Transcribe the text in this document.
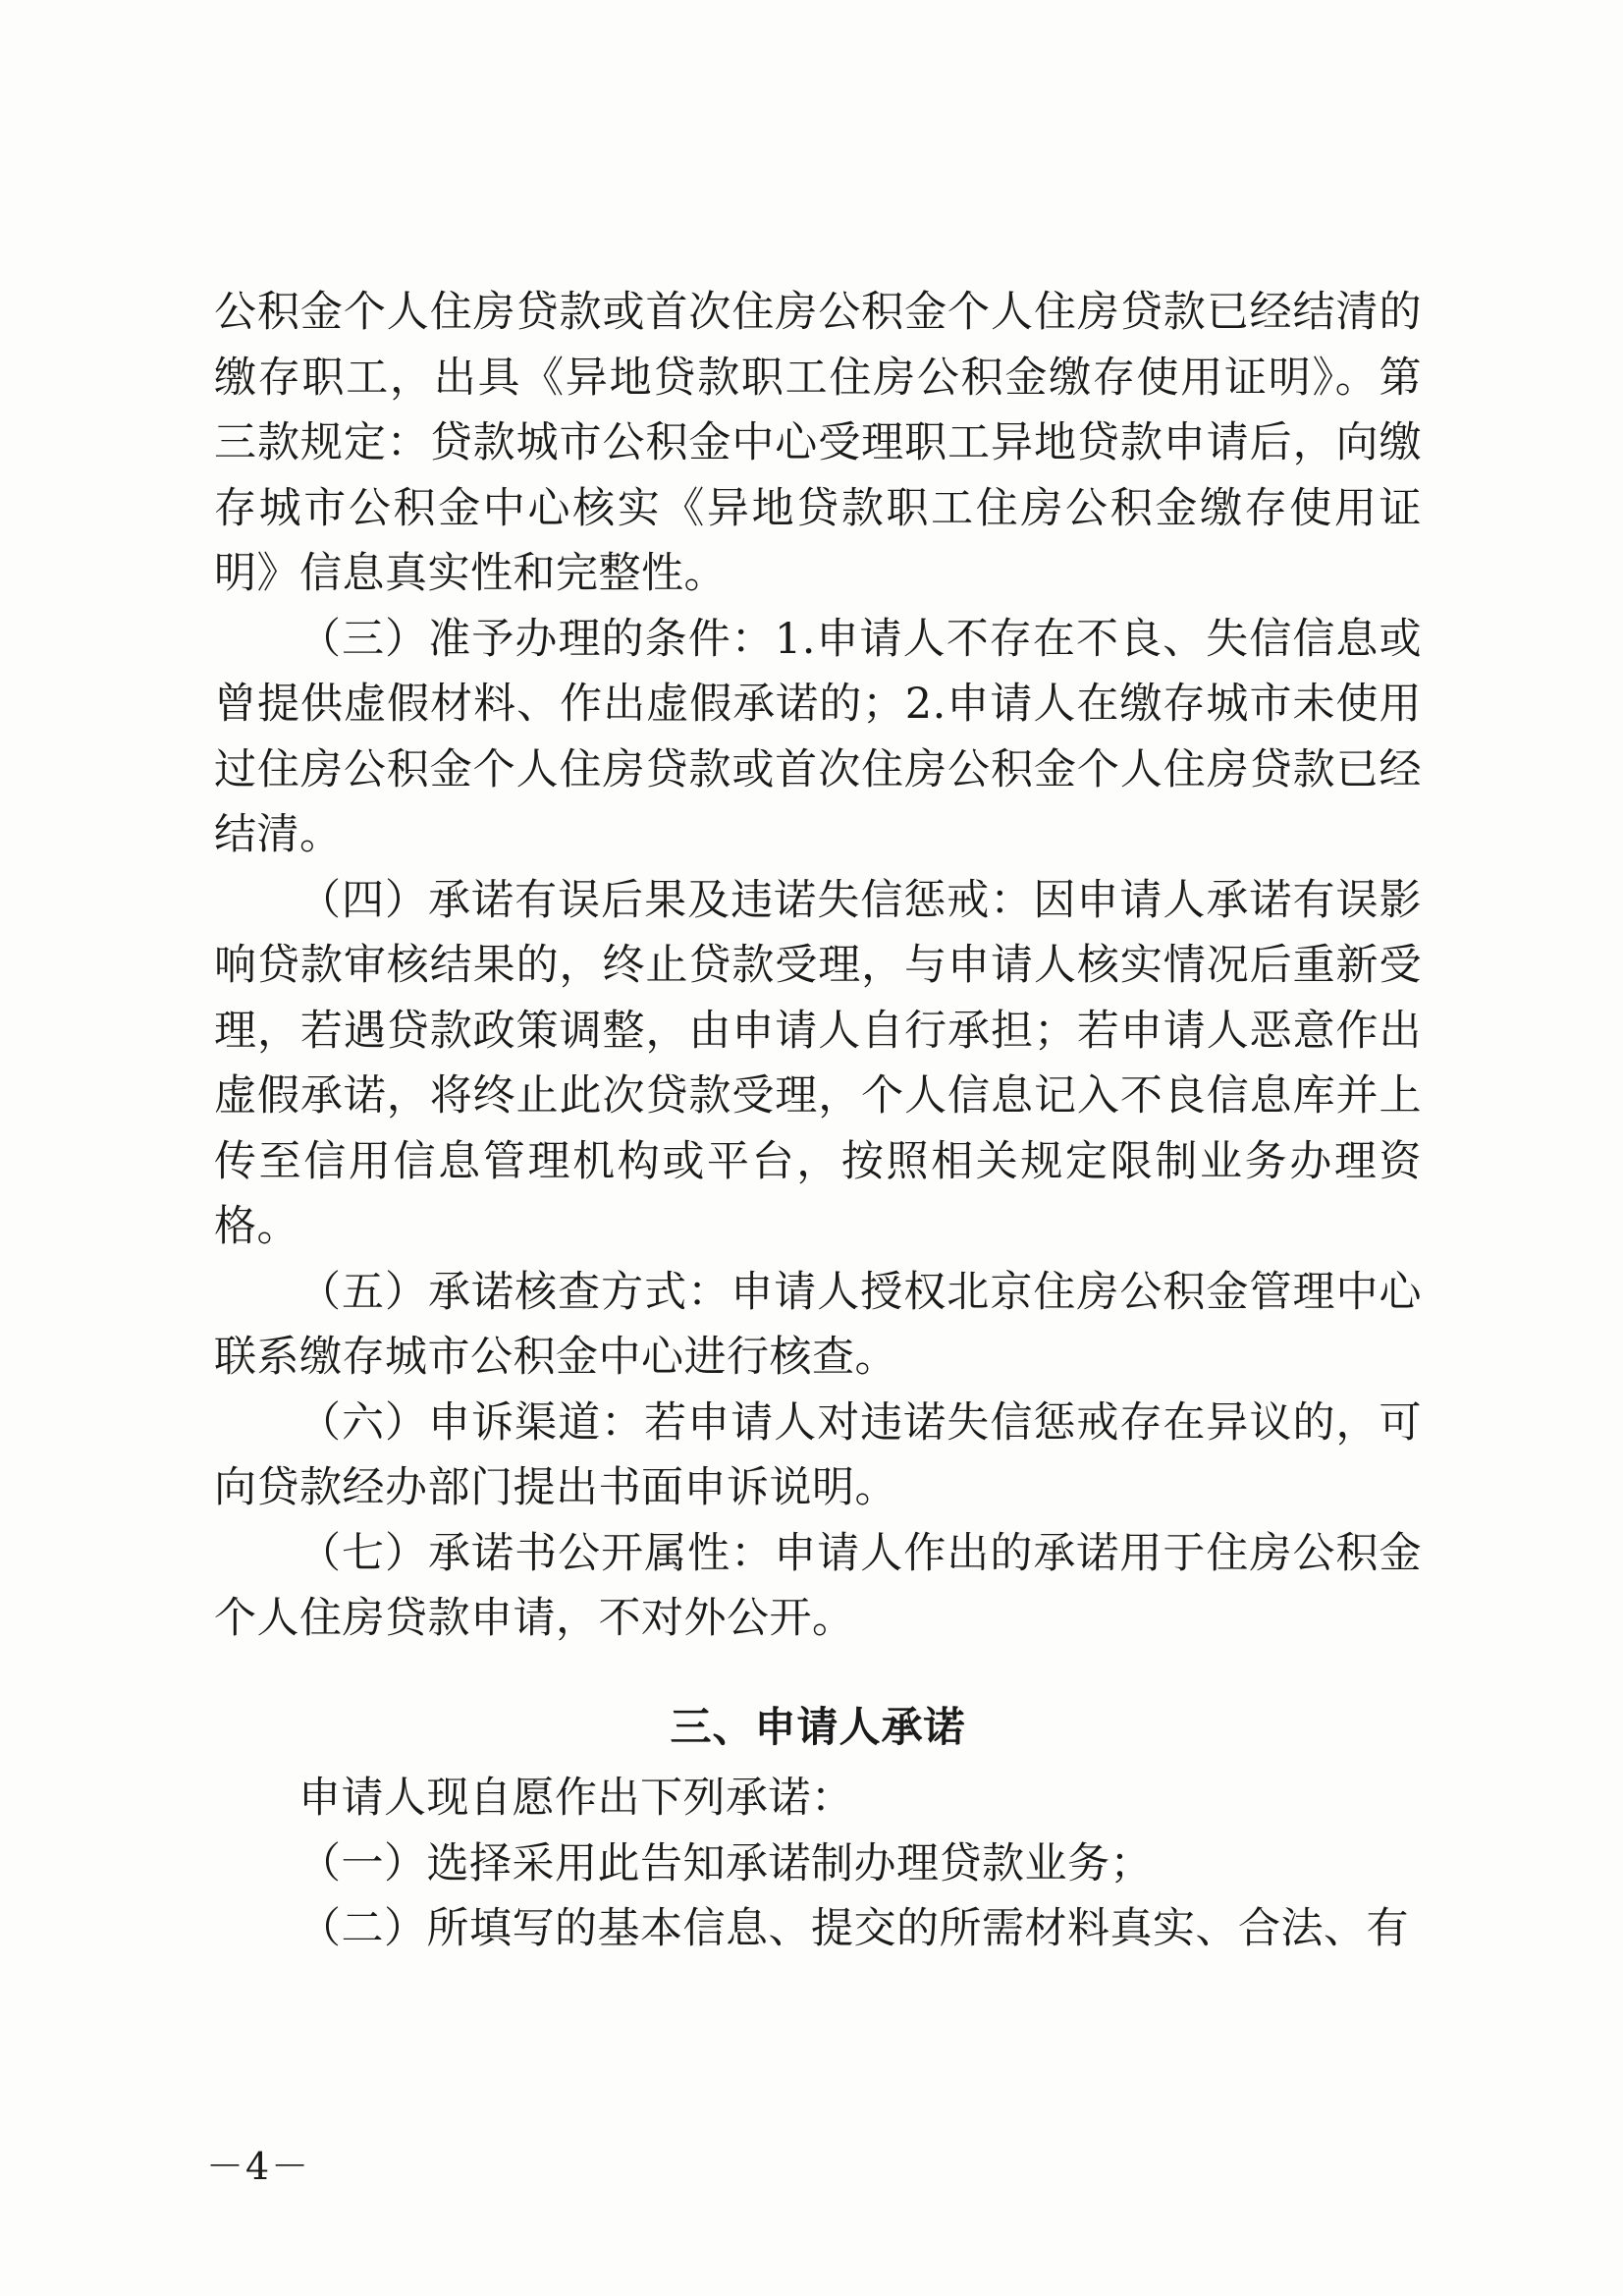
公积金个人住房贷款或首次住房公积金个人住房贷款已经结清的缴存职工，出具《异地贷款职工住房公积金缴存使用证明》。第三款规定：贷款城市公积金中心受理职工异地贷款申请后，向缴存城市公积金中心核实《异地贷款职工住房公积金缴存使用证明》信息真实性和完整性。

（三）准予办理的条件：1.申请人不存在不良、失信信息或曾提供虚假材料、作出虚假承诺的；2.申请人在缴存城市未使用过住房公积金个人住房贷款或首次住房公积金个人住房贷款已经结清。

（四）承诺有误后果及违诺失信惩戒：因申请人承诺有误影响贷款审核结果的，终止贷款受理，与申请人核实情况后重新受理，若遇贷款政策调整，由申请人自行承担；若申请人恶意作出虚假承诺，将终止此次贷款受理，个人信息记入不良信息库并上传至信用信息管理机构或平台，按照相关规定限制业务办理资格。

（五）承诺核查方式：申请人授权北京住房公积金管理中心联系缴存城市公积金中心进行核查。

（六）申诉渠道：若申请人对违诺失信惩戒存在异议的，可向贷款经办部门提出书面申诉说明。

（七）承诺书公开属性：申请人作出的承诺用于住房公积金个人住房贷款申请，不对外公开。

三、申请人承诺

申请人现自愿作出下列承诺：

（一）选择采用此告知承诺制办理贷款业务；

（二）所填写的基本信息、提交的所需材料真实、合法、有

－4－
